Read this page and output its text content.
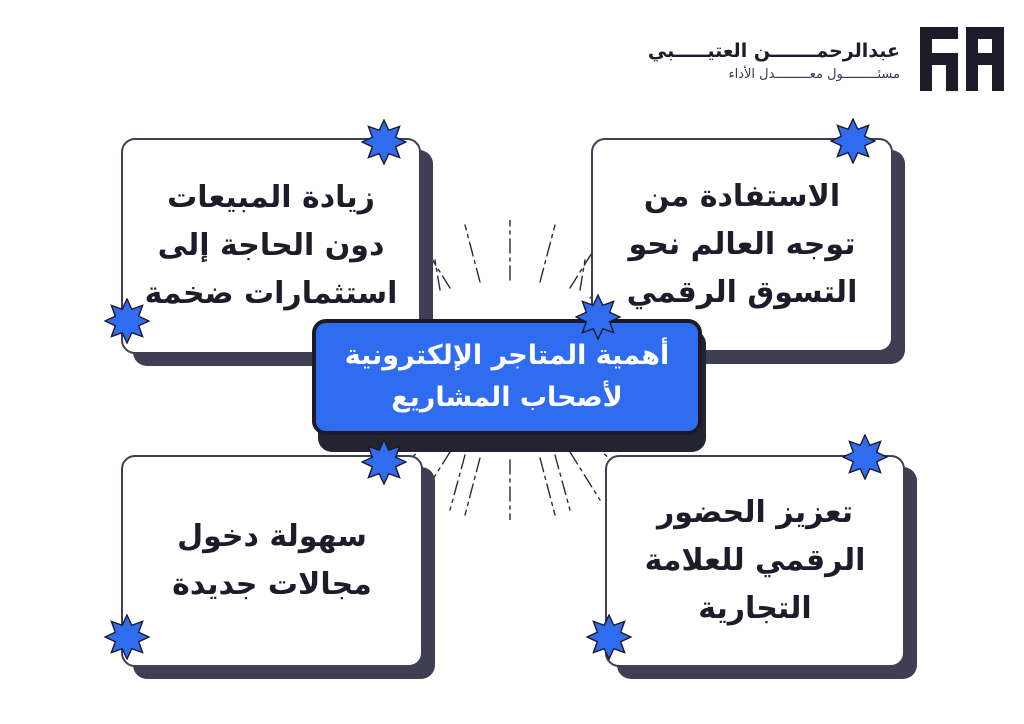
عبدالرحمـــــــن العتيـــــبي
مسئـــــــــول معـــــــــدل الأداء
زيادة المبيعات
دون الحاجة إلى
استثمارات ضخمة
الاستفادة من
توجه العالم نحو
التسوق الرقمي
سهولة دخول
مجالات جديدة
تعزيز الحضور
الرقمي للعلامة
التجارية
أهمية المتاجر الإلكترونية
لأصحاب المشاريع
